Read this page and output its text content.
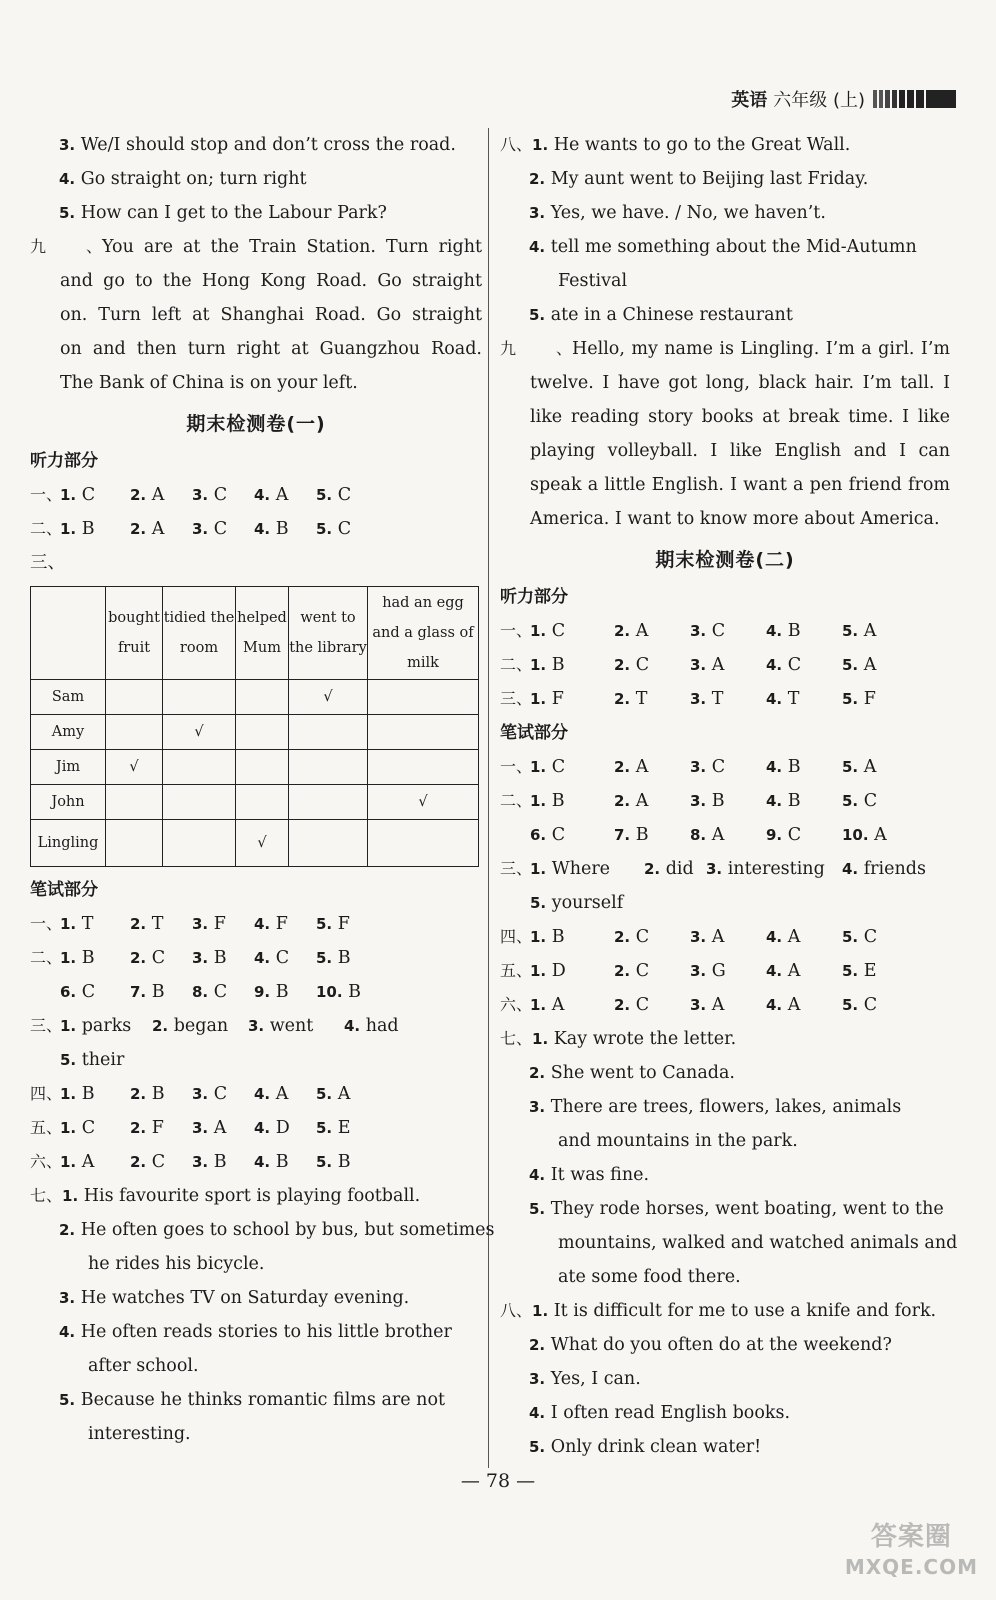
英语 六年级 (上)
3. We/I should stop and don’t cross the road.
4. Go straight on; turn right
5. How can I get to the Labour Park?
九、 You are at the Train Station. Turn right
and go to the Hong Kong Road. Go straight
on. Turn left at Shanghai Road. Go straight
on and then turn right at Guangzhou Road.
The Bank of China is on your left.
期末检测卷(一)
听力部分
一、
1. C	2. A	3. C	4. A	5. C
二、
1. B	2. A	3. C	4. B	5. C
三、
	bought fruit	tidied the room	helped Mum	went to the library	had an egg and a glass of milk
Sam				√	
Amy		√			
Jim	√				
John					√
Lingling			√		
笔试部分
一、
1. T	2. T	3. F	4. F	5. F
二、
1. B	2. C	3. B	4. C	5. B
6. C	7. B	8. C	9. B	10. B
三、
1. parks	2. began	3. went	4. had
5. their
四、
1. B	2. B	3. C	4. A	5. A
五、
1. C	2. F	3. A	4. D	5. E
六、
1. A	2. C	3. B	4. B	5. B
七、1. His favourite sport is playing football.
2. He often goes to school by bus, but sometimes
he rides his bicycle.
3. He watches TV on Saturday evening.
4. He often reads stories to his little brother
after school.
5. Because he thinks romantic films are not
interesting.
八、1. He wants to go to the Great Wall.
2. My aunt went to Beijing last Friday.
3. Yes, we have. / No, we haven’t.
4. tell me something about the Mid-Autumn
Festival
5. ate in a Chinese restaurant
九、 Hello, my name is Lingling. I’m a girl. I’m
twelve. I have got long, black hair. I’m tall. I
like reading story books at break time. I like
playing volleyball. I like English and I can
speak a little English. I want a pen friend from
America. I want to know more about America.
期末检测卷(二)
听力部分
一、
1. C	2. A	3. C	4. B	5. A
二、
1. B	2. C	3. A	4. C	5. A
三、
1. F	2. T	3. T	4. T	5. F
笔试部分
一、
1. C	2. A	3. C	4. B	5. A
二、
1. B	2. A	3. B	4. B	5. C
6. C	7. B	8. A	9. C	10. A
三、
1. Where	2. did 3. interesting	4. friends
5. yourself
四、
1. B	2. C	3. A	4. A	5. C
五、
1. D	2. C	3. G	4. A	5. E
六、
1. A	2. C	3. A	4. A	5. C
七、1. Kay wrote the letter.
2. She went to Canada.
3. There are trees, flowers, lakes, animals
and mountains in the park.
4. It was fine.
5. They rode horses, went boating, went to the
mountains, walked and watched animals and
ate some food there.
八、1. It is difficult for me to use a knife and fork.
2. What do you often do at the weekend?
3. Yes, I can.
4. I often read English books.
5. Only drink clean water!
— 78 —
答案圈
MXQE.COM
